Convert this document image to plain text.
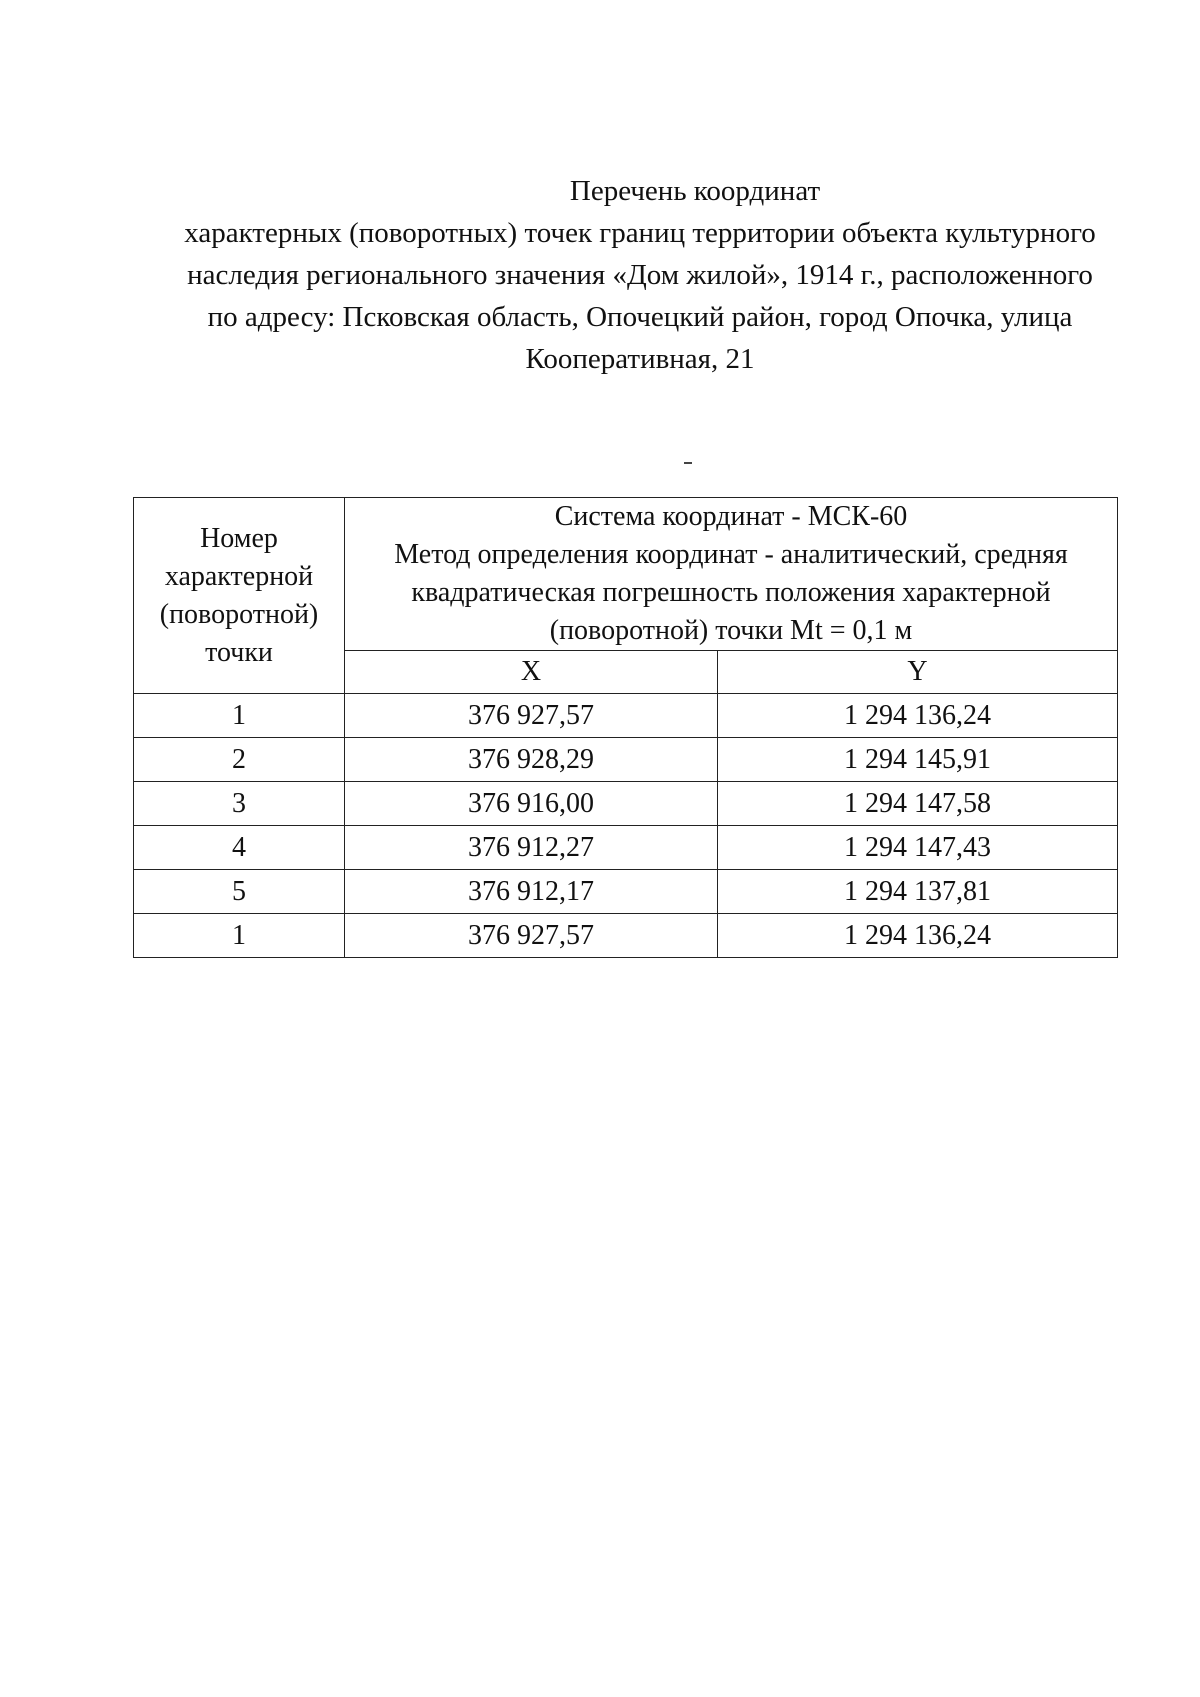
Перечень координат
характерных (поворотных) точек границ территории объекта культурного
наследия регионального значения «Дом жилой», 1914 г., расположенного
по адресу: Псковская область, Опочецкий район, город Опочка, улица
Кооперативная, 21
Номер
характерной
(поворотной)
точки	Система координат - МСК-60
Метод определения координат - аналитический, средняя
квадратическая погрешность положения характерной
(поворотной) точки Mt = 0,1 м	

	X	Y
1	376 927,57	1 294 136,24
2	376 928,29	1 294 145,91
3	376 916,00	1 294 147,58
4	376 912,27	1 294 147,43
5	376 912,17	1 294 137,81
1	376 927,57	1 294 136,24
